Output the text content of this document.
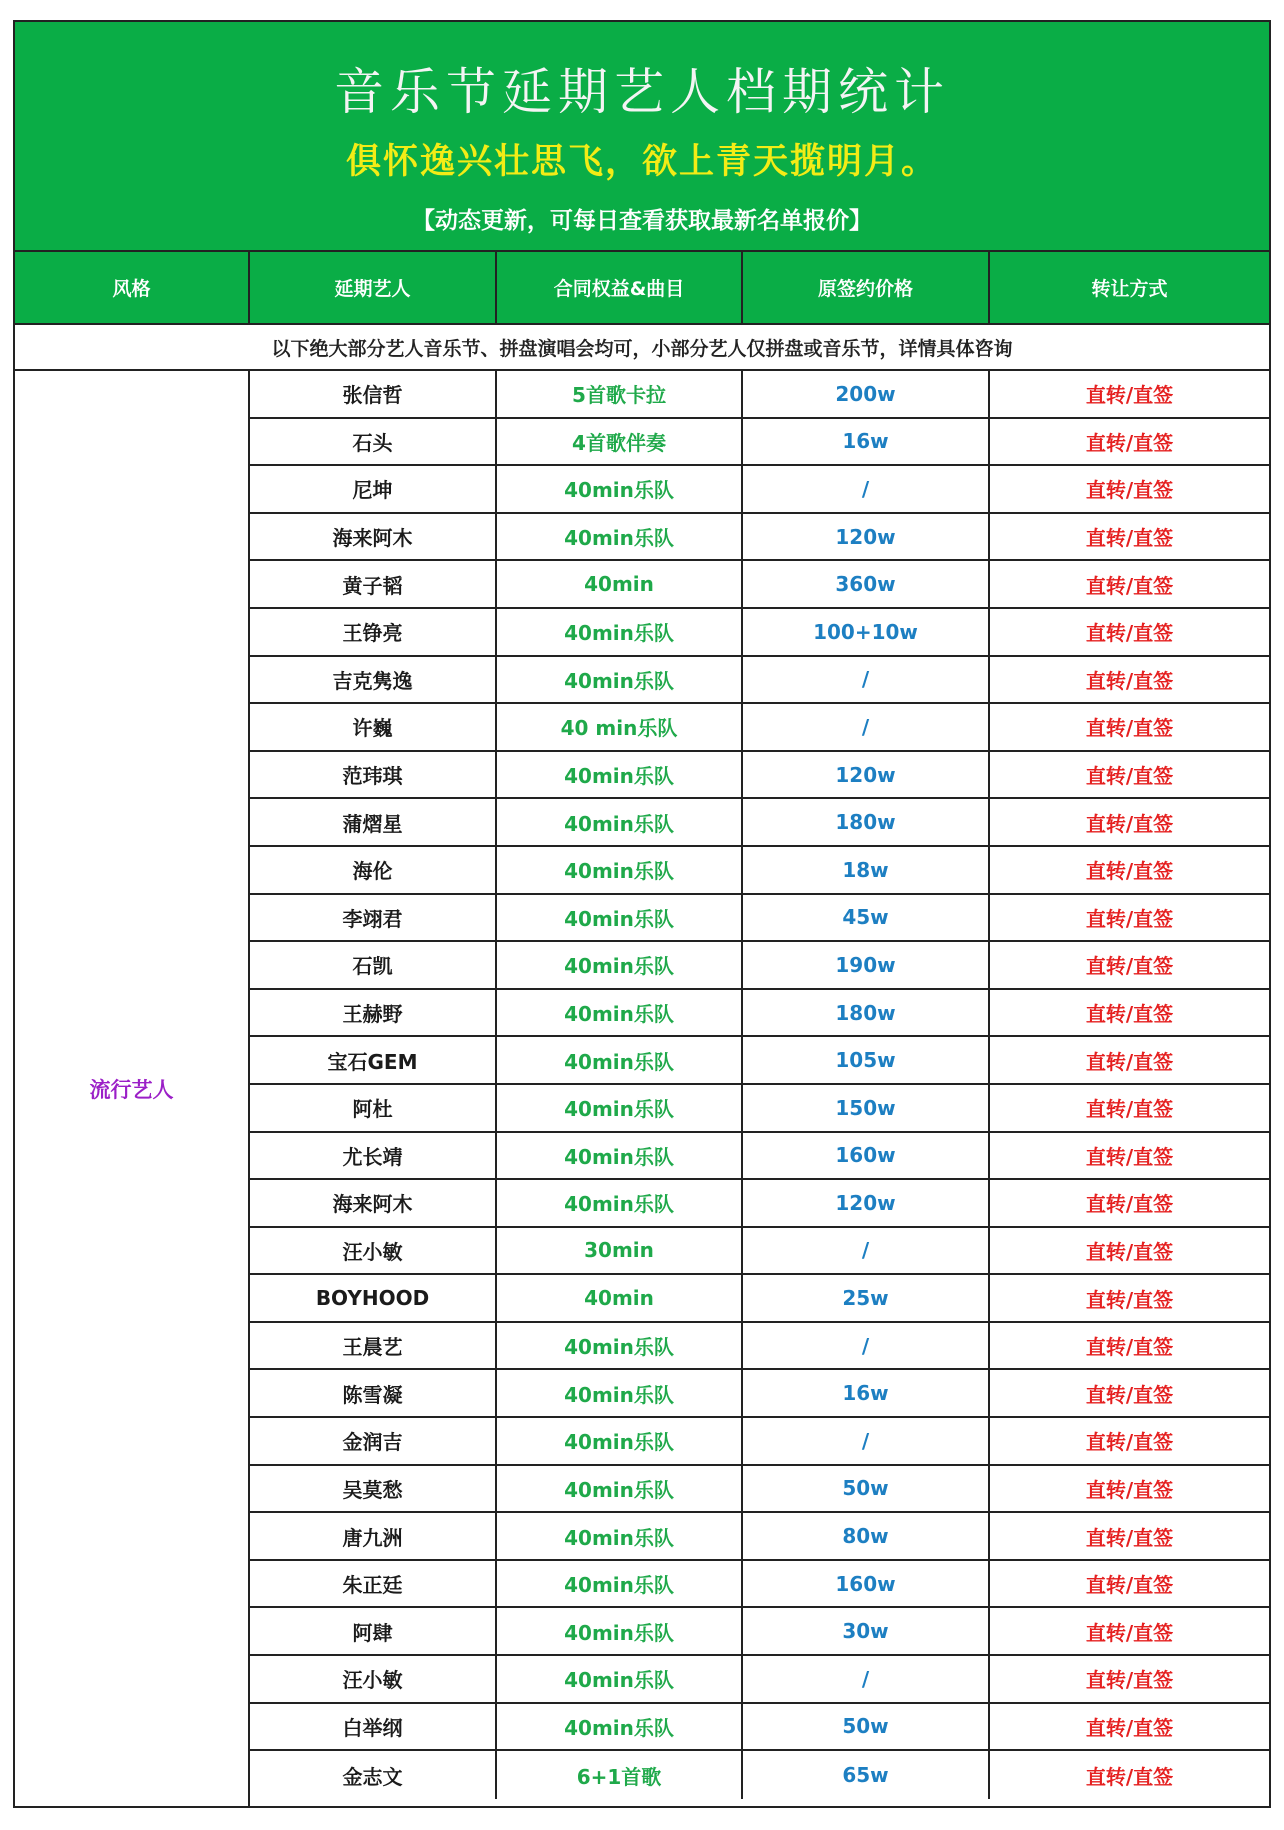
音乐节延期艺人档期统计
俱怀逸兴壮思飞，欲上青天揽明月。
【动态更新，可每日查看获取最新名单报价】
风格	延期艺人	合同权益&曲目	原签约价格	转让方式
以下绝大部分艺人音乐节、拼盘演唱会均可，小部分艺人仅拼盘或音乐节，详情具体咨询
流行艺人
张信哲	5首歌卡拉	200w	直转/直签
石头	4首歌伴奏	16w	直转/直签
尼坤	40min乐队	/	直转/直签
海来阿木	40min乐队	120w	直转/直签
黄子韬	40min	360w	直转/直签
王铮亮	40min乐队	100+10w	直转/直签
吉克隽逸	40min乐队	/	直转/直签
许巍	40 min乐队	/	直转/直签
范玮琪	40min乐队	120w	直转/直签
蒲熠星	40min乐队	180w	直转/直签
海伦	40min乐队	18w	直转/直签
李翊君	40min乐队	45w	直转/直签
石凯	40min乐队	190w	直转/直签
王赫野	40min乐队	180w	直转/直签
宝石GEM	40min乐队	105w	直转/直签
阿杜	40min乐队	150w	直转/直签
尤长靖	40min乐队	160w	直转/直签
海来阿木	40min乐队	120w	直转/直签
汪小敏	30min	/	直转/直签
BOYHOOD	40min	25w	直转/直签
王晨艺	40min乐队	/	直转/直签
陈雪凝	40min乐队	16w	直转/直签
金润吉	40min乐队	/	直转/直签
吴莫愁	40min乐队	50w	直转/直签
唐九洲	40min乐队	80w	直转/直签
朱正廷	40min乐队	160w	直转/直签
阿肆	40min乐队	30w	直转/直签
汪小敏	40min乐队	/	直转/直签
白举纲	40min乐队	50w	直转/直签
金志文	6+1首歌	65w	直转/直签
